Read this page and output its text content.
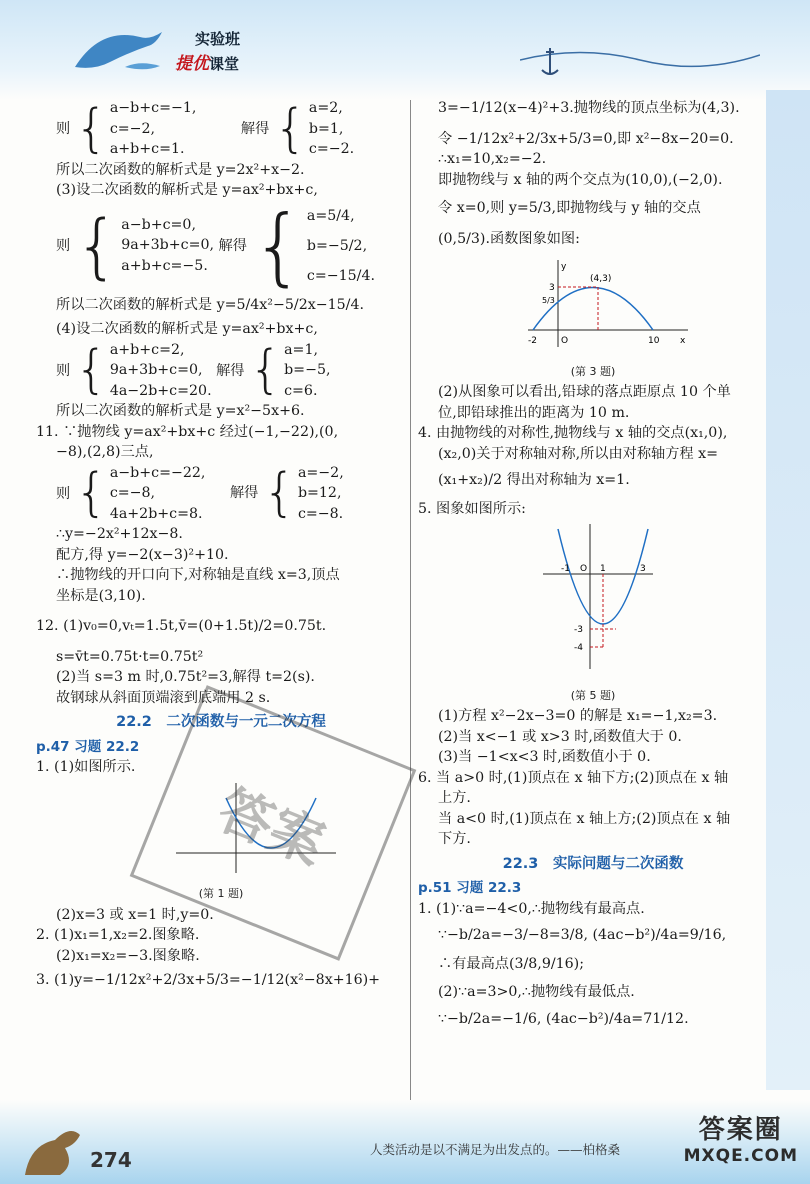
实验班
提优课堂
则 { a−b+c=−1,
c=−2,
a+b+c=1.
解得 { a=2,
b=1,
c=−2.
所以二次函数的解析式是 y=2x²+x−2.
(3)设二次函数的解析式是 y=ax²+bx+c,
则 { a−b+c=0,
9a+3b+c=0,
a+b+c=−5.
解得 { a=5/4,
b=−5/2,
c=−15/4.
所以二次函数的解析式是 y=5/4x²−5/2x−15/4.
(4)设二次函数的解析式是 y=ax²+bx+c,
则 { a+b+c=2,
9a+3b+c=0,
4a−2b+c=20.
解得 { a=1,
b=−5,
c=6.
所以二次函数的解析式是 y=x²−5x+6.
11. ∵抛物线 y=ax²+bx+c 经过(−1,−22),(0,
−8),(2,8)三点,
则 { a−b+c=−22,
c=−8,
4a+2b+c=8.
解得 { a=−2,
b=12,
c=−8.
∴y=−2x²+12x−8.
配方,得 y=−2(x−3)²+10.
∴抛物线的开口向下,对称轴是直线 x=3,顶点
坐标是(3,10).
12. (1)v₀=0,vₜ=1.5t,v̄=(0+1.5t)/2=0.75t.
s=v̄t=0.75t·t=0.75t²
(2)当 s=3 m 时,0.75t²=3,解得 t=2(s).
故钢球从斜面顶端滚到底端用 2 s.
22.2　二次函数与一元二次方程
p.47 习题 22.2
1. (1)如图所示.
(第 1 题)
(2)x=3 或 x=1 时,y=0.
2. (1)x₁=1,x₂=2.图象略.
(2)x₁=x₂=−3.图象略.
3. (1)y=−1/12x²+2/3x+5/3=−1/12(x²−8x+16)+
答案
3=−1/12(x−4)²+3.抛物线的顶点坐标为(4,3).
令 −1/12x²+2/3x+5/3=0,即 x²−8x−20=0.
∴x₁=10,x₂=−2.
即抛物线与 x 轴的两个交点为(10,0),(−2,0).
令 x=0,则 y=5/3,即抛物线与 y 轴的交点
(0,5/3).函数图象如图:
(4,3)
3
5/3
-2	O	10 x
y
(第 3 题)
(2)从图象可以看出,铅球的落点距原点 10 个单
位,即铅球推出的距离为 10 m.
4. 由抛物线的对称性,抛物线与 x 轴的交点(x₁,0),
(x₂,0)关于对称轴对称,所以由对称轴方程 x=
(x₁+x₂)/2 得出对称轴为 x=1.
5. 图象如图所示:
-1 O 1	3
-3
-4
(第 5 题)
(1)方程 x²−2x−3=0 的解是 x₁=−1,x₂=3.
(2)当 x<−1 或 x>3 时,函数值大于 0.
(3)当 −1<x<3 时,函数值小于 0.
6. 当 a>0 时,(1)顶点在 x 轴下方;(2)顶点在 x 轴
上方.
当 a<0 时,(1)顶点在 x 轴上方;(2)顶点在 x 轴
下方.
22.3　实际问题与二次函数
p.51 习题 22.3
1. (1)∵a=−4<0,∴抛物线有最高点.
∵−b/2a=−3/−8=3/8, (4ac−b²)/4a=9/16,
∴有最高点(3/8,9/16);
(2)∵a=3>0,∴抛物线有最低点.
∵−b/2a=−1/6, (4ac−b²)/4a=71/12.
274	人类活动是以不满足为出发点的。——柏格桑
答案圈
MXQE.COM
